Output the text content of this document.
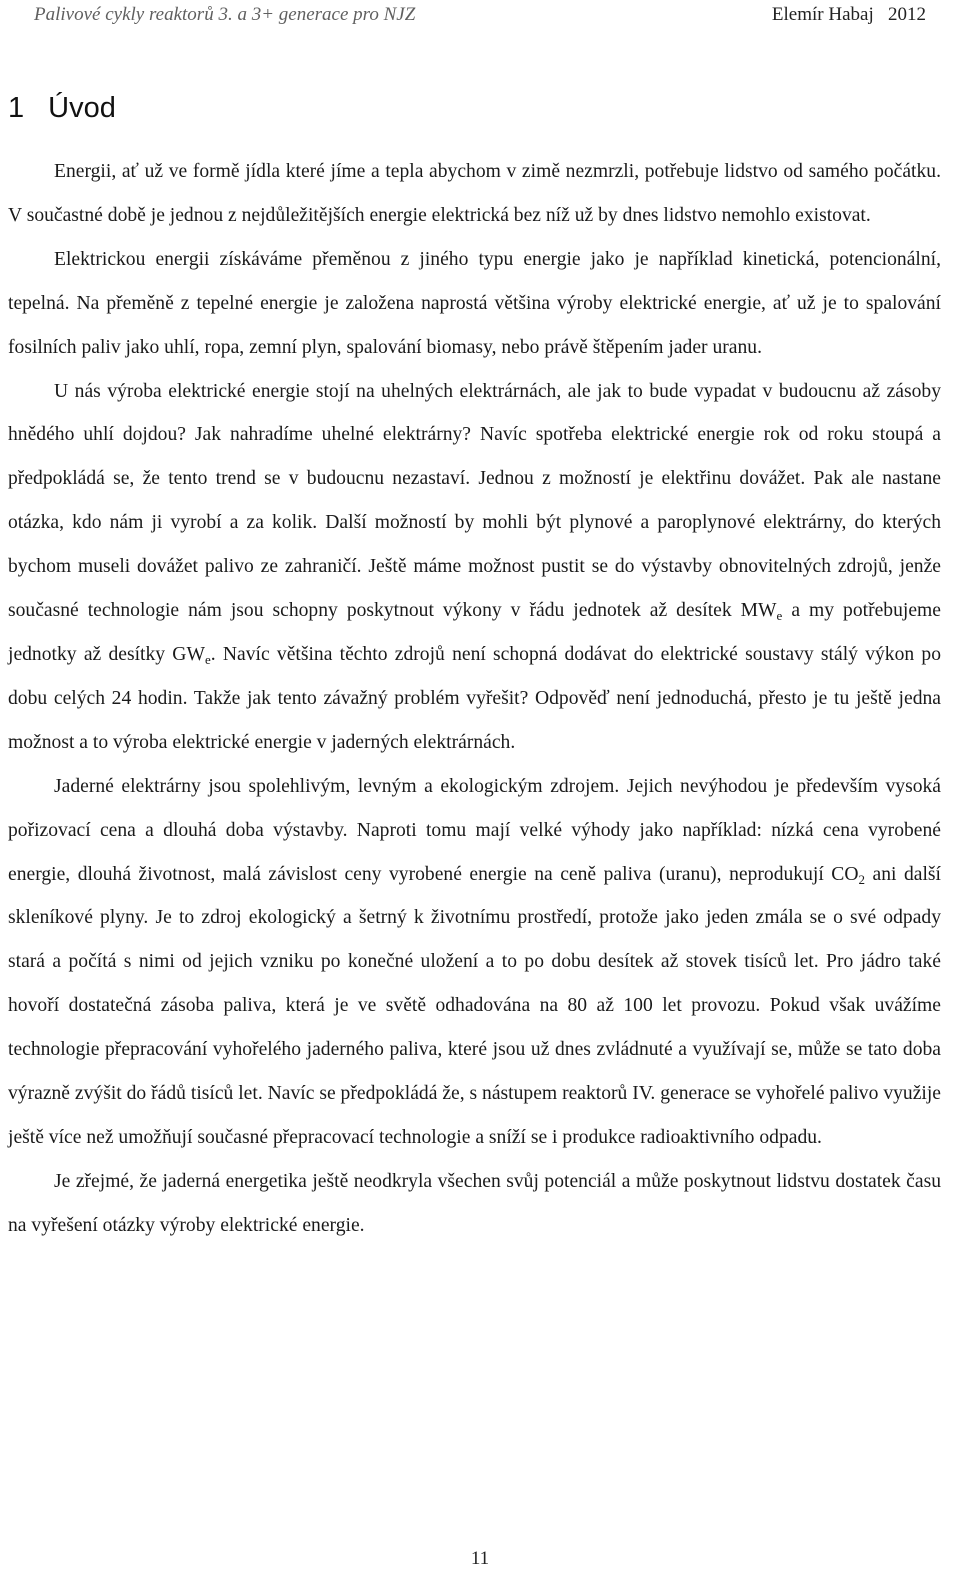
Palivové cykly reaktorů 3. a 3+ generace pro NJZ	Elemír Habaj 2012
1 Úvod

Energii, ať už ve formě jídla které jíme a tepla abychom v zimě nezmrzli, potřebuje lidstvo od samého počátku. V součastné době je jednou z nejdůležitějších energie elektrická bez níž už by dnes lidstvo nemohlo existovat.

Elektrickou energii získáváme přeměnou z jiného typu energie jako je například kinetická, potencionální, tepelná. Na přeměně z tepelné energie je založena naprostá většina výroby elektrické energie, ať už je to spalování fosilních paliv jako uhlí, ropa, zemní plyn, spalování biomasy, nebo právě štěpením jader uranu.

U nás výroba elektrické energie stojí na uhelných elektrárnách, ale jak to bude vypadat v budoucnu až zásoby hnědého uhlí dojdou? Jak nahradíme uhelné elektrárny? Navíc spotřeba elektrické energie rok od roku stoupá a předpokládá se, že tento trend se v budoucnu nezastaví. Jednou z možností je elektřinu dovážet. Pak ale nastane otázka, kdo nám ji vyrobí a za kolik. Další možností by mohli být plynové a paroplynové elektrárny, do kterých bychom museli dovážet palivo ze zahraničí. Ještě máme možnost pustit se do výstavby obnovitelných zdrojů, jenže současné technologie nám jsou schopny poskytnout výkony v řádu jednotek až desítek $MW_e$ a my potřebujeme jednotky až desítky $GW_e$. Navíc většina těchto zdrojů není schopná dodávat do elektrické soustavy stálý výkon po dobu celých 24 hodin. Takže jak tento závažný problém vyřešit? Odpověď není jednoduchá, přesto je tu ještě jedna možnost a to výroba elektrické energie v jaderných elektrárnách.

Jaderné elektrárny jsou spolehlivým, levným a ekologickým zdrojem. Jejich nevýhodou je především vysoká pořizovací cena a dlouhá doba výstavby. Naproti tomu mají velké výhody jako například: nízká cena vyrobené energie, dlouhá životnost, malá závislost ceny vyrobené energie na ceně paliva (uranu), neprodukují $CO_2$ ani další skleníkové plyny. Je to zdroj ekologický a šetrný k životnímu prostředí, protože jako jeden zmála se o své odpady stará a počítá s nimi od jejich vzniku po konečné uložení a to po dobu desítek až stovek tisíců let. Pro jádro také hovoří dostatečná zásoba paliva, která je ve světě odhadována na 80 až 100 let provozu. Pokud však uvážíme technologie přepracování vyhořelého jaderného paliva, které jsou už dnes zvládnuté a využívají se, může se tato doba výrazně zvýšit do řádů tisíců let. Navíc se předpokládá že, s nástupem reaktorů IV. generace se vyhořelé palivo využije ještě více než umožňují současné přepracovací technologie a sníží se i produkce radioaktivního odpadu.

Je zřejmé, že jaderná energetika ještě neodkryla všechen svůj potenciál a může poskytnout lidstvu dostatek času na vyřešení otázky výroby elektrické energie.

11
